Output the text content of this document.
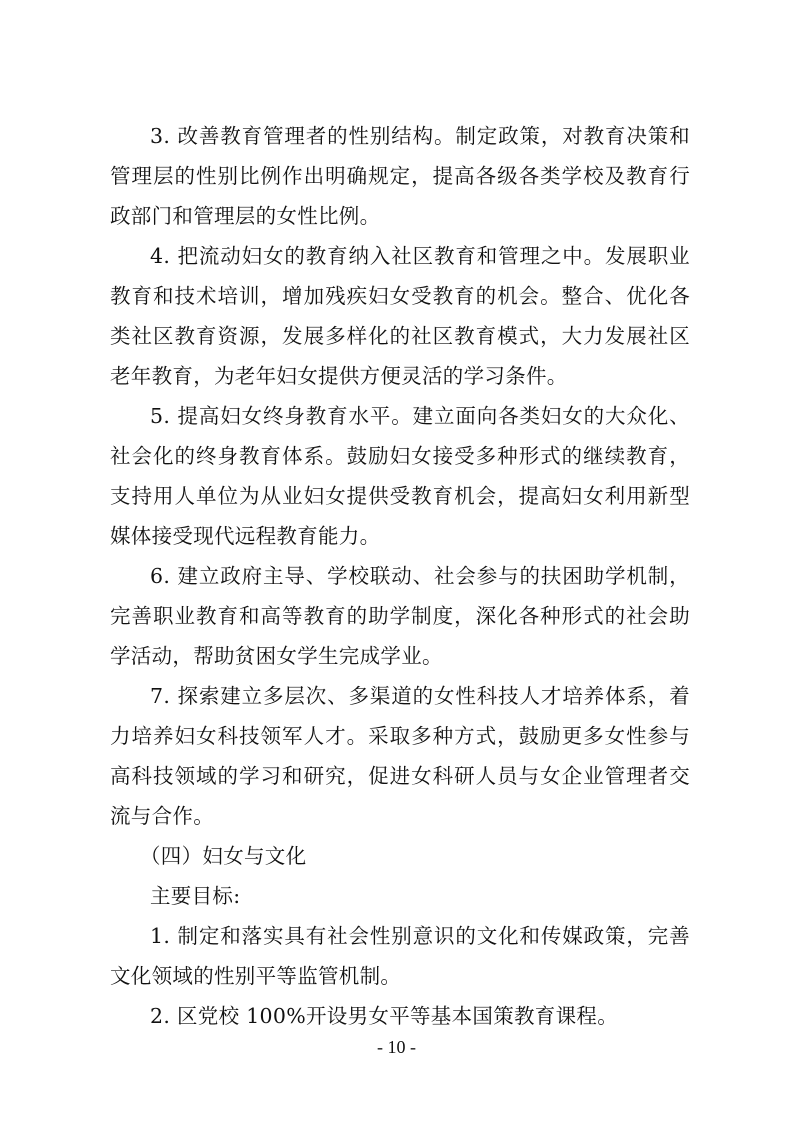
3. 改善教育管理者的性别结构。制定政策，对教育决策和
管理层的性别比例作出明确规定，提高各级各类学校及教育行
政部门和管理层的女性比例。
4. 把流动妇女的教育纳入社区教育和管理之中。发展职业
教育和技术培训，增加残疾妇女受教育的机会。整合、优化各
类社区教育资源，发展多样化的社区教育模式，大力发展社区
老年教育，为老年妇女提供方便灵活的学习条件。
5. 提高妇女终身教育水平。建立面向各类妇女的大众化、
社会化的终身教育体系。鼓励妇女接受多种形式的继续教育，
支持用人单位为从业妇女提供受教育机会，提高妇女利用新型
媒体接受现代远程教育能力。
6. 建立政府主导、学校联动、社会参与的扶困助学机制，
完善职业教育和高等教育的助学制度，深化各种形式的社会助
学活动，帮助贫困女学生完成学业。
7. 探索建立多层次、多渠道的女性科技人才培养体系，着
力培养妇女科技领军人才。采取多种方式，鼓励更多女性参与
高科技领域的学习和研究，促进女科研人员与女企业管理者交
流与合作。
（四）妇女与文化
主要目标:
1. 制定和落实具有社会性别意识的文化和传媒政策，完善
文化领域的性别平等监管机制。
2. 区党校 100%开设男女平等基本国策教育课程。
- 10 -
